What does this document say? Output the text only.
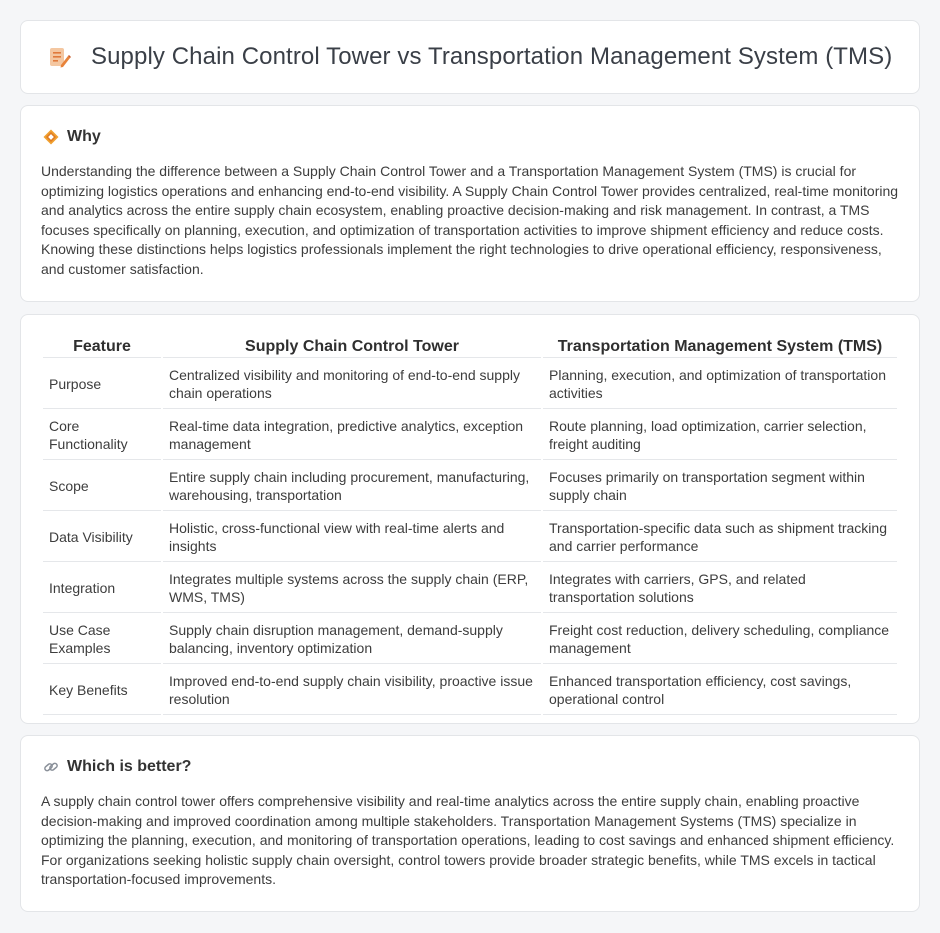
Supply Chain Control Tower vs Transportation Management System (TMS)
Why

Understanding the difference between a Supply Chain Control Tower and a Transportation Management System (TMS) is crucial for optimizing logistics operations and enhancing end-to-end visibility. A Supply Chain Control Tower provides centralized, real-time monitoring and analytics across the entire supply chain ecosystem, enabling proactive decision-making and risk management. In contrast, a TMS focuses specifically on planning, execution, and optimization of transportation activities to improve shipment efficiency and reduce costs. Knowing these distinctions helps logistics professionals implement the right technologies to drive operational efficiency, responsiveness, and customer satisfaction.

Feature	Supply Chain Control Tower	Transportation Management System (TMS)
Purpose	Centralized visibility and monitoring of end-to-end supply chain operations	Planning, execution, and optimization of transportation activities
Core Functionality	Real-time data integration, predictive analytics, exception management	Route planning, load optimization, carrier selection, freight auditing
Scope	Entire supply chain including procurement, manufacturing, warehousing, transportation	Focuses primarily on transportation segment within supply chain
Data Visibility	Holistic, cross-functional view with real-time alerts and insights	Transportation-specific data such as shipment tracking and carrier performance
Integration	Integrates multiple systems across the supply chain (ERP, WMS, TMS)	Integrates with carriers, GPS, and related transportation solutions
Use Case Examples	Supply chain disruption management, demand-supply balancing, inventory optimization	Freight cost reduction, delivery scheduling, compliance management
Key Benefits	Improved end-to-end supply chain visibility, proactive issue resolution	Enhanced transportation efficiency, cost savings, operational control
Which is better?

A supply chain control tower offers comprehensive visibility and real-time analytics across the entire supply chain, enabling proactive decision-making and improved coordination among multiple stakeholders. Transportation Management Systems (TMS) specialize in optimizing the planning, execution, and monitoring of transportation operations, leading to cost savings and enhanced shipment efficiency. For organizations seeking holistic supply chain oversight, control towers provide broader strategic benefits, while TMS excels in tactical transportation-focused improvements.
